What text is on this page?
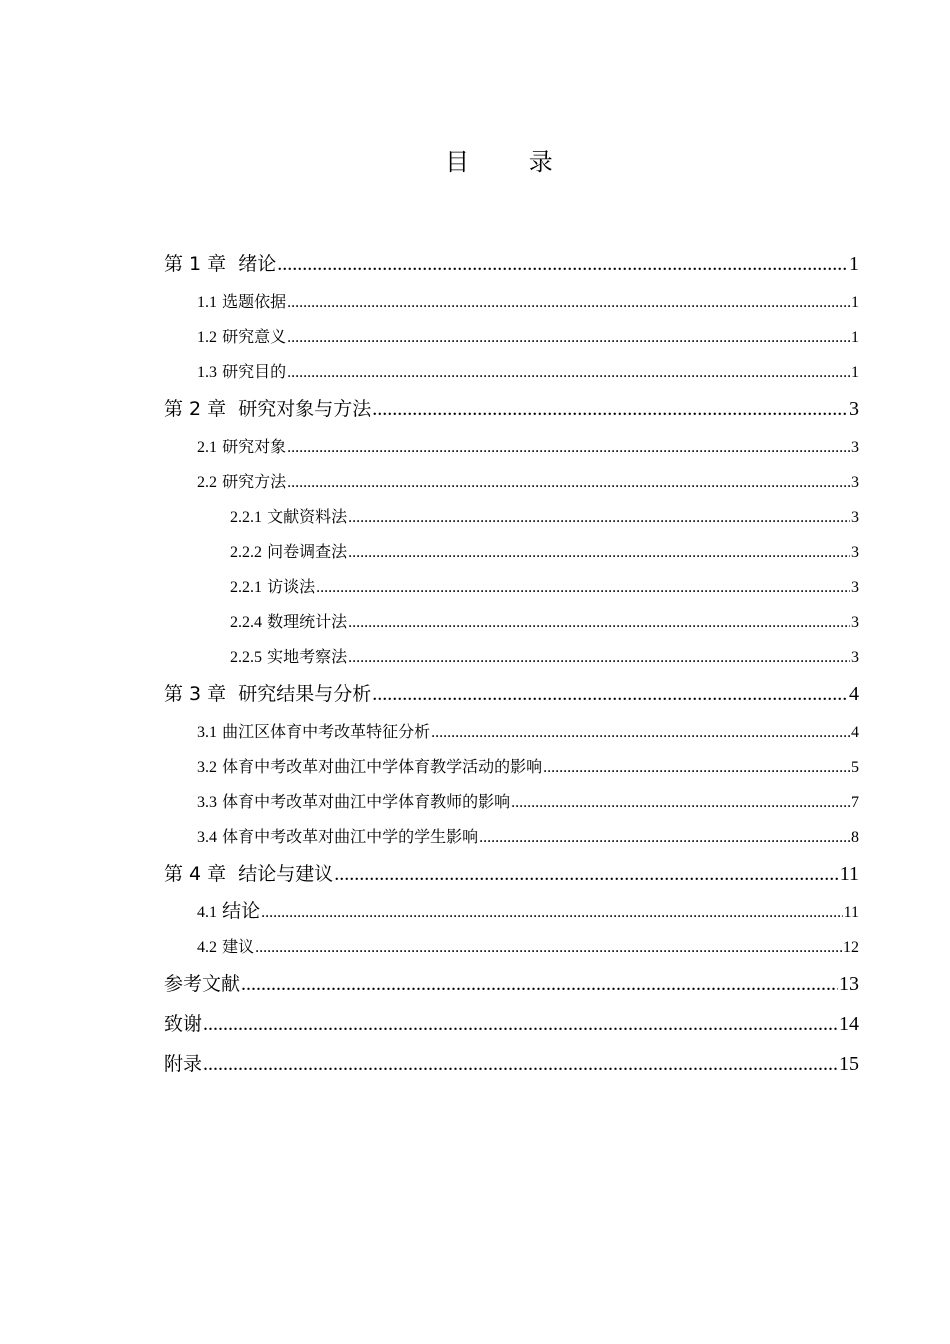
目 录
第 1 章 绪论 .....	1
1.1 选题依据 .....	1
1.2 研究意义 .....	1
1.3 研究目的 .....	1
第 2 章 研究对象与方法 .....	3
2.1 研究对象 .....	3
2.2 研究方法 .....	3
2.2.1 文献资料法 .....	3
2.2.2 问卷调查法 .....	3
2.2.1 访谈法 .....	3
2.2.4 数理统计法 .....	3
2.2.5 实地考察法 .....	3
第 3 章 研究结果与分析 .....	4
3.1 曲江区体育中考改革特征分析 .....	4
3.2 体育中考改革对曲江中学体育教学活动的影响 .....	5
3.3 体育中考改革对曲江中学体育教师的影响 .....	7
3.4 体育中考改革对曲江中学的学生影响 .....	8
第 4 章 结论与建议 .....	11
4.1 结论 .....	11
4.2 建议 .....	12
参考文献 .....	13
致谢 .....	14
附录 .....	15
